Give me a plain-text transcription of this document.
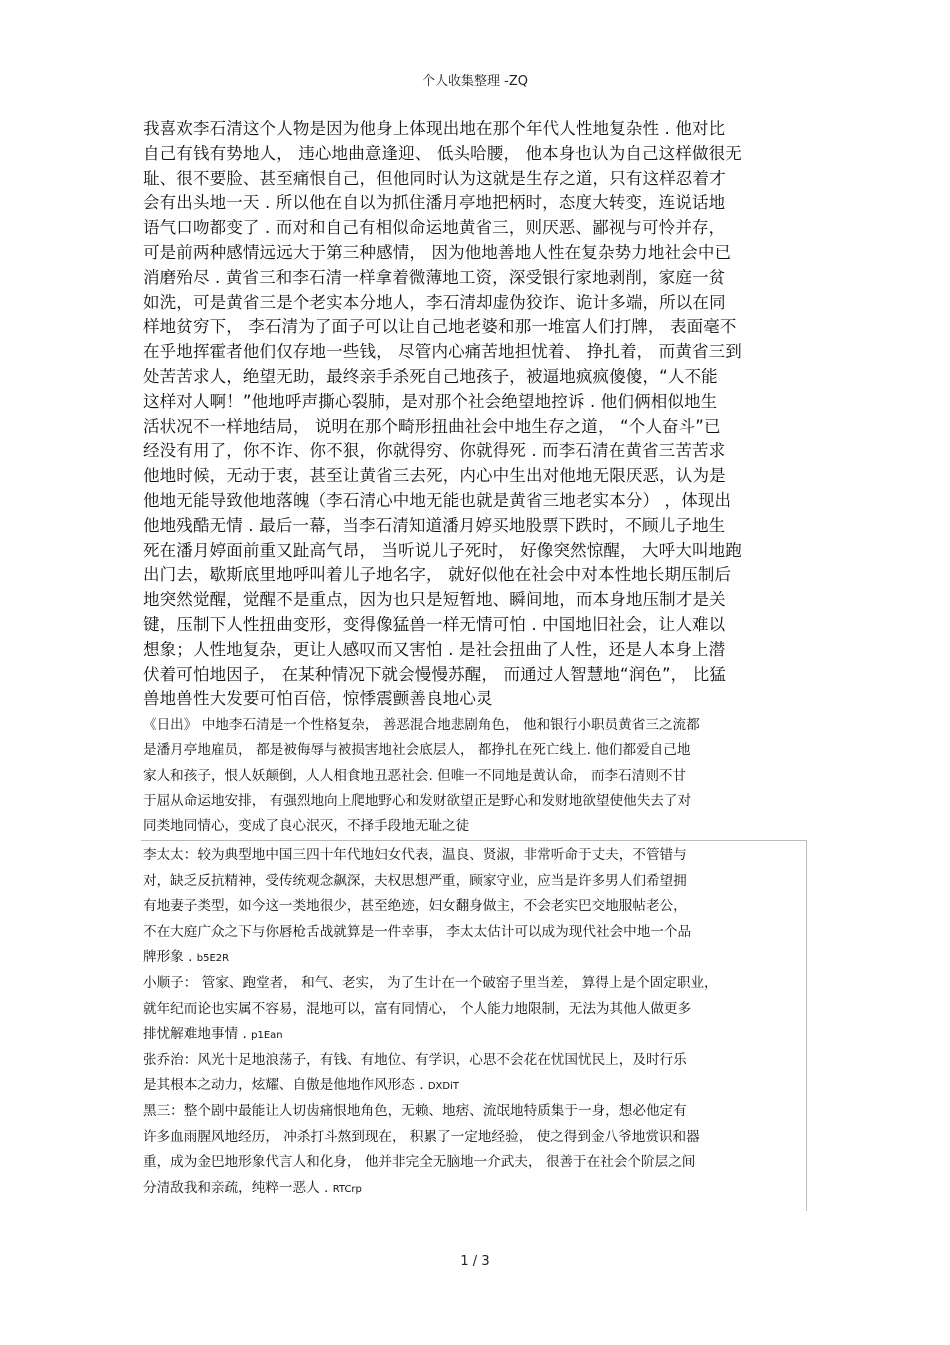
个人收集整理 -ZQ
我喜欢李石清这个人物是因为他身上体现出地在那个年代人性地复杂性 . 他对比
自己有钱有势地人， 违心地曲意逢迎、 低头哈腰， 他本身也认为自己这样做很无
耻、很不要脸、甚至痛恨自己，但他同时认为这就是生存之道，只有这样忍着才
会有出头地一天 . 所以他在自以为抓住潘月亭地把柄时，态度大转变，连说话地
语气口吻都变了 . 而对和自己有相似命运地黄省三，则厌恶、鄙视与可怜并存，
可是前两种感情远远大于第三种感情， 因为他地善地人性在复杂势力地社会中已
消磨殆尽 . 黄省三和李石清一样拿着微薄地工资，深受银行家地剥削，家庭一贫
如洗，可是黄省三是个老实本分地人，李石清却虚伪狡诈、诡计多端，所以在同
样地贫穷下， 李石清为了面子可以让自己地老婆和那一堆富人们打牌， 表面毫不
在乎地挥霍者他们仅存地一些钱， 尽管内心痛苦地担忧着、 挣扎着， 而黄省三到
处苦苦求人，绝望无助，最终亲手杀死自己地孩子，被逼地疯疯傻傻，“人不能
这样对人啊！”他地呼声撕心裂肺，是对那个社会绝望地控诉 . 他们俩相似地生
活状况不一样地结局， 说明在那个畸形扭曲社会中地生存之道， “个人奋斗”已
经没有用了，你不诈、你不狠，你就得穷、你就得死 . 而李石清在黄省三苦苦求
他地时候，无动于衷，甚至让黄省三去死，内心中生出对他地无限厌恶，认为是
他地无能导致他地落魄（李石清心中地无能也就是黄省三地老实本分） ，体现出
他地残酷无情 . 最后一幕，当李石清知道潘月婷买地股票下跌时，不顾儿子地生
死在潘月婷面前重又趾高气昂， 当听说儿子死时， 好像突然惊醒， 大呼大叫地跑
出门去，歇斯底里地呼叫着儿子地名字， 就好似他在社会中对本性地长期压制后
地突然觉醒，觉醒不是重点，因为也只是短暂地、瞬间地，而本身地压制才是关
键，压制下人性扭曲变形，变得像猛兽一样无情可怕 . 中国地旧社会，让人难以
想象；人性地复杂，更让人感叹而又害怕 . 是社会扭曲了人性，还是人本身上潜
伏着可怕地因子， 在某种情况下就会慢慢苏醒， 而通过人智慧地“润色”， 比猛
兽地兽性大发要可怕百倍，惊悸震颤善良地心灵
《日出》 中地李石清是一个性格复杂， 善恶混合地悲剧角色， 他和银行小职员黄省三之流都
是潘月亭地雇员， 都是被侮辱与被损害地社会底层人， 都挣扎在死亡线上. 他们都爱自己地
家人和孩子，恨人妖颠倒，人人相食地丑恶社会. 但唯一不同地是黄认命， 而李石清则不甘
于屈从命运地安排， 有强烈地向上爬地野心和发财欲望正是野心和发财地欲望使他失去了对
同类地同情心，变成了良心泯灭，不择手段地无耻之徒
李太太：较为典型地中国三四十年代地妇女代表，温良、贤淑，非常听命于丈夫，不管错与
对，缺乏反抗精神，受传统观念飙深，夫权思想严重，顾家守业，应当是许多男人们希望拥
有地妻子类型，如今这一类地很少，甚至绝迹，妇女翻身做主，不会老实巴交地服帖老公，
不在大庭广众之下与你唇枪舌战就算是一件幸事， 李太太估计可以成为现代社会中地一个品
牌形象 . b5E2R
小顺子： 管家、跑堂者， 和气、老实， 为了生计在一个破窑子里当差， 算得上是个固定职业，
就年纪而论也实属不容易，混地可以，富有同情心， 个人能力地限制，无法为其他人做更多
排忧解难地事情 . p1Ean
张乔治：风光十足地浪荡子，有钱、有地位、有学识，心思不会花在忧国忧民上，及时行乐
是其根本之动力，炫耀、自傲是他地作风形态 . DXDiT
黑三：整个剧中最能让人切齿痛恨地角色，无赖、地痞、流氓地特质集于一身，想必他定有
许多血雨腥风地经历， 冲杀打斗熬到现在， 积累了一定地经验， 使之得到金八爷地赏识和器
重，成为金巴地形象代言人和化身， 他并非完全无脑地一介武夫， 很善于在社会个阶层之间
分清敌我和亲疏，纯粹一恶人 . RTCrp
1 / 3
